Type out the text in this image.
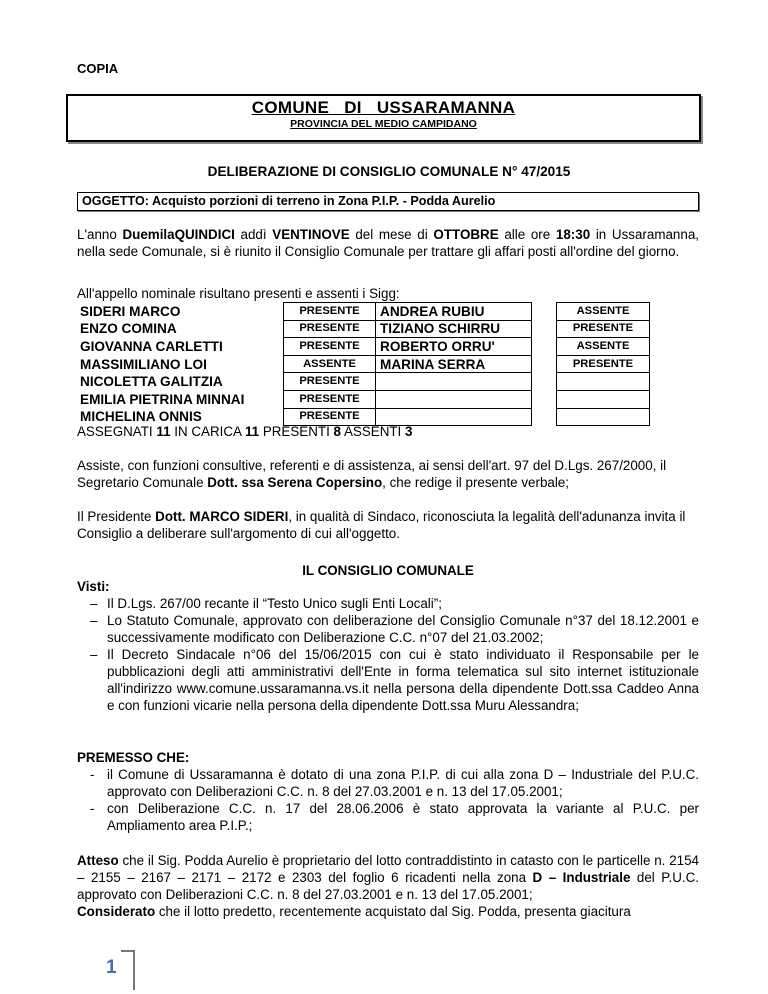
COPIA
COMUNE   DI   USSARAMANNA
PROVINCIA DEL MEDIO CAMPIDANO
DELIBERAZIONE DI CONSIGLIO COMUNALE N° 47/2015
OGGETTO: Acquisto porzioni di terreno in Zona P.I.P. - Podda Aurelio
L'anno DuemilaQUINDICI addì VENTINOVE del mese di OTTOBRE alle ore 18:30 in Ussaramanna, nella sede Comunale, si è riunito il Consiglio Comunale per trattare gli affari posti all'ordine del giorno.
All'appello nominale risultano presenti e assenti i Sigg:
SIDERI MARCO	PRESENTE	ANDREA RUBIU		ASSENTE
ENZO COMINA	PRESENTE	TIZIANO SCHIRRU		PRESENTE
GIOVANNA CARLETTI	PRESENTE	ROBERTO ORRU'		ASSENTE
MASSIMILIANO LOI	ASSENTE	MARINA SERRA		PRESENTE
NICOLETTA GALITZIA	PRESENTE			
EMILIA PIETRINA MINNAI	PRESENTE			
MICHELINA ONNIS	PRESENTE			
ASSEGNATI 11 IN CARICA 11 PRESENTI 8 ASSENTI 3
Assiste, con funzioni consultive, referenti e di assistenza, ai sensi dell'art. 97 del D.Lgs. 267/2000, il Segretario Comunale Dott. ssa Serena Copersino, che redige il presente verbale;
Il Presidente Dott. MARCO SIDERI, in qualità di Sindaco, riconosciuta la legalità dell'adunanza invita il Consiglio a deliberare sull'argomento di cui all'oggetto.
IL CONSIGLIO COMUNALE
Visti:
– Il D.Lgs. 267/00 recante il “Testo Unico sugli Enti Locali”;
– Lo Statuto Comunale, approvato con deliberazione del Consiglio Comunale n°37 del 18.12.2001 e successivamente modificato con Deliberazione C.C. n°07 del 21.03.2002;
– Il Decreto Sindacale n°06 del 15/06/2015 con cui è stato individuato il Responsabile per le pubblicazioni degli atti amministrativi dell'Ente in forma telematica sul sito internet istituzionale all'indirizzo www.comune.ussaramanna.vs.it nella persona della dipendente Dott.ssa Caddeo Anna e con funzioni vicarie nella persona della dipendente Dott.ssa Muru Alessandra;
PREMESSO CHE:
- il Comune di Ussaramanna è dotato di una zona P.I.P. di cui alla zona D – Industriale del P.U.C. approvato con Deliberazioni C.C. n. 8 del 27.03.2001 e n. 13 del 17.05.2001;
- con Deliberazione C.C. n. 17 del 28.06.2006 è stato approvata la variante al P.U.C. per Ampliamento area P.I.P.;
Atteso che il Sig. Podda Aurelio è proprietario del lotto contraddistinto in catasto con le particelle n. 2154 – 2155 – 2167 – 2171 – 2172 e 2303 del foglio 6 ricadenti nella zona D – Industriale del P.U.C. approvato con Deliberazioni C.C. n. 8 del 27.03.2001 e n. 13 del 17.05.2001;
Considerato che il lotto predetto, recentemente acquistato dal Sig. Podda, presenta giacitura
1
